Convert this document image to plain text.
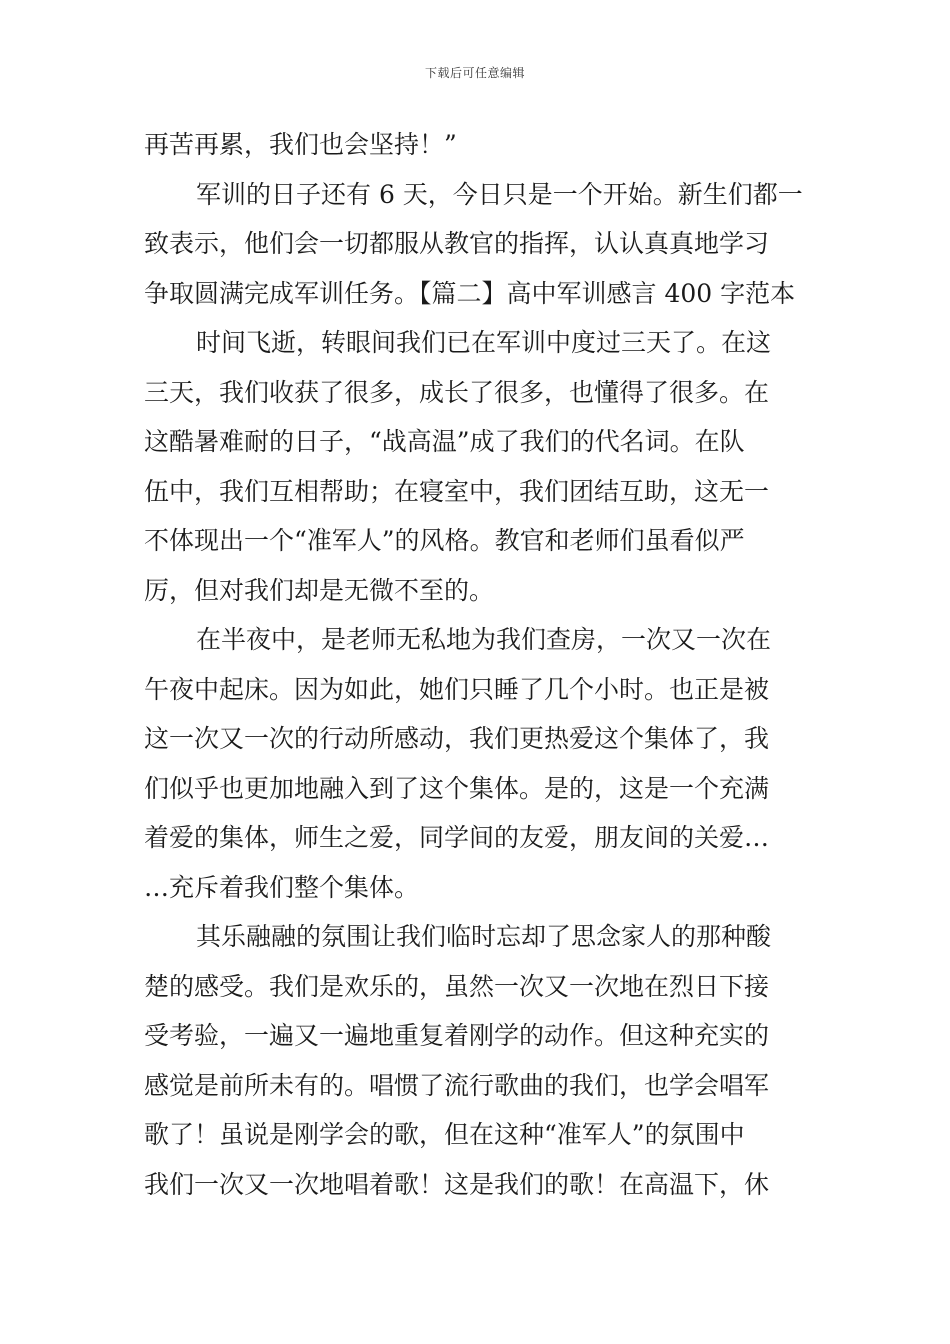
下载后可任意编辑
再苦再累，我们也会坚持！”
军训的日子还有 6 天，今日只是一个开始。新生们都一
致表示，他们会一切都服从教官的指挥，认认真真地学习
争取圆满完成军训任务。【篇二】高中军训感言 400 字范本
时间飞逝，转眼间我们已在军训中度过三天了。在这
三天，我们收获了很多，成长了很多，也懂得了很多。在
这酷暑难耐的日子，“战高温”成了我们的代名词。在队
伍中，我们互相帮助；在寝室中，我们团结互助，这无一
不体现出一个“准军人”的风格。教官和老师们虽看似严
厉，但对我们却是无微不至的。
在半夜中，是老师无私地为我们查房，一次又一次在
午夜中起床。因为如此，她们只睡了几个小时。也正是被
这一次又一次的行动所感动，我们更热爱这个集体了，我
们似乎也更加地融入到了这个集体。是的，这是一个充满
着爱的集体，师生之爱，同学间的友爱，朋友间的关爱…
…充斥着我们整个集体。
其乐融融的氛围让我们临时忘却了思念家人的那种酸
楚的感受。我们是欢乐的，虽然一次又一次地在烈日下接
受考验，一遍又一遍地重复着刚学的动作。但这种充实的
感觉是前所未有的。唱惯了流行歌曲的我们，也学会唱军
歌了！虽说是刚学会的歌，但在这种“准军人”的氛围中
我们一次又一次地唱着歌！这是我们的歌！在高温下，休
